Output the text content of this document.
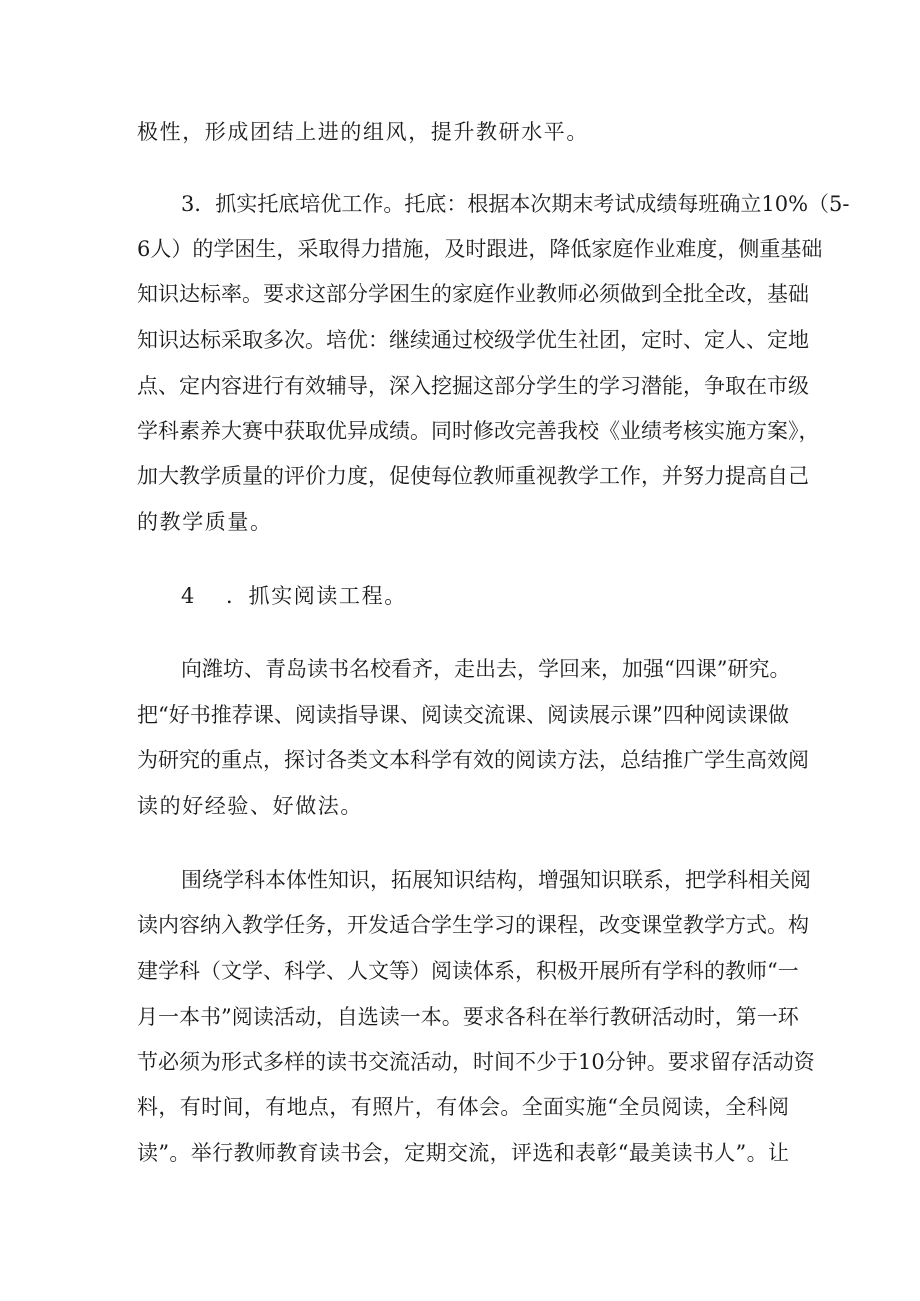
极性，形成团结上进的组风，提升教研水平。
3．抓实托底培优工作。托底：根据本次期末考试成绩每班确立10%（5-
6人）的学困生，采取得力措施，及时跟进，降低家庭作业难度，侧重基础
知识达标率。要求这部分学困生的家庭作业教师必须做到全批全改，基础
知识达标采取多次。培优：继续通过校级学优生社团，定时、定人、定地
点、定内容进行有效辅导，深入挖掘这部分学生的学习潜能，争取在市级
学科素养大赛中获取优异成绩。同时修改完善我校《业绩考核实施方案》，
加大教学质量的评价力度，促使每位教师重视教学工作，并努力提高自己
的教学质量。
4 ．抓实阅读工程。
向潍坊、青岛读书名校看齐，走出去，学回来，加强“四课”研究。
把“好书推荐课、阅读指导课、阅读交流课、阅读展示课”四种阅读课做
为研究的重点，探讨各类文本科学有效的阅读方法，总结推广学生高效阅
读的好经验、好做法。
围绕学科本体性知识，拓展知识结构，增强知识联系，把学科相关阅
读内容纳入教学任务，开发适合学生学习的课程，改变课堂教学方式。构
建学科（文学、科学、人文等）阅读体系，积极开展所有学科的教师“一
月一本书”阅读活动，自选读一本。要求各科在举行教研活动时，第一环
节必须为形式多样的读书交流活动，时间不少于10分钟。要求留存活动资
料，有时间，有地点，有照片，有体会。全面实施“全员阅读，全科阅
读”。举行教师教育读书会，定期交流，评选和表彰“最美读书人”。让
